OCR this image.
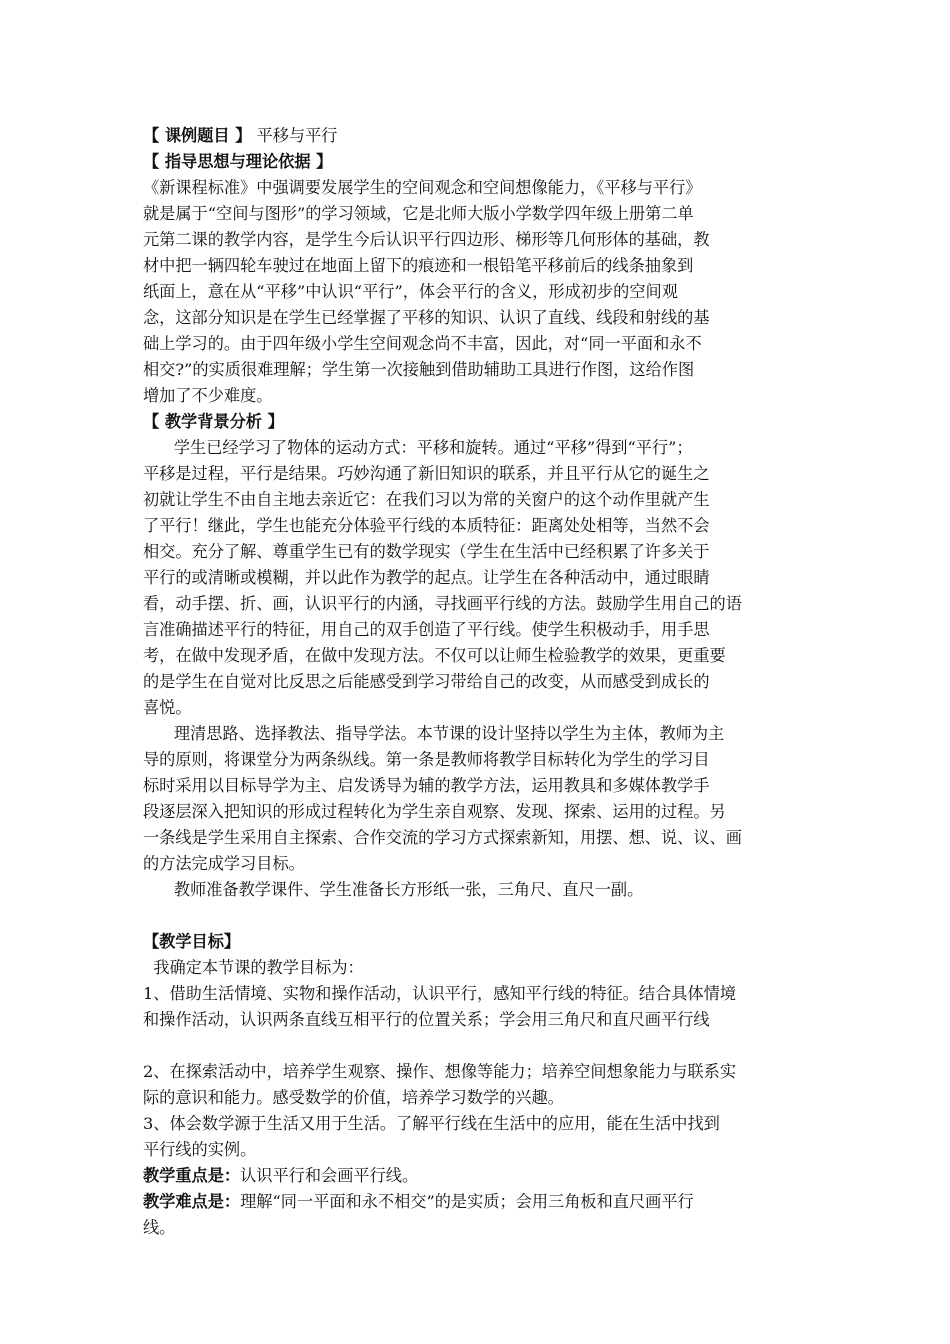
【 课例题目 】 平移与平行
【 指导思想与理论依据 】
《新课程标准》中强调要发展学生的空间观念和空间想像能力，《平移与平行》
就是属于“空间与图形”的学习领域，它是北师大版小学数学四年级上册第二单
元第二课的教学内容，是学生今后认识平行四边形、梯形等几何形体的基础，教
材中把一辆四轮车驶过在地面上留下的痕迹和一根铅笔平移前后的线条抽象到
纸面上，意在从“平移”中认识“平行”，体会平行的含义，形成初步的空间观
念，这部分知识是在学生已经掌握了平移的知识、认识了直线、线段和射线的基
础上学习的。由于四年级小学生空间观念尚不丰富，因此，对“同一平面和永不
相交?”的实质很难理解；学生第一次接触到借助辅助工具进行作图，这给作图
增加了不少难度。
【 教学背景分析 】
学生已经学习了物体的运动方式：平移和旋转。通过“平移”得到“平行”；
平移是过程，平行是结果。巧妙沟通了新旧知识的联系，并且平行从它的诞生之
初就让学生不由自主地去亲近它：在我们习以为常的关窗户的这个动作里就产生
了平行！继此，学生也能充分体验平行线的本质特征：距离处处相等，当然不会
相交。充分了解、尊重学生已有的数学现实（学生在生活中已经积累了许多关于
平行的或清晰或模糊，并以此作为教学的起点。让学生在各种活动中，通过眼睛
看，动手摆、折、画，认识平行的内涵，寻找画平行线的方法。鼓励学生用自己的语
言准确描述平行的特征，用自己的双手创造了平行线。使学生积极动手，用手思
考，在做中发现矛盾，在做中发现方法。不仅可以让师生检验教学的效果，更重要
的是学生在自觉对比反思之后能感受到学习带给自己的改变，从而感受到成长的
喜悦。
理清思路、选择教法、指导学法。本节课的设计坚持以学生为主体，教师为主
导的原则，将课堂分为两条纵线。第一条是教师将教学目标转化为学生的学习目
标时采用以目标导学为主、启发诱导为辅的教学方法，运用教具和多媒体教学手
段逐层深入把知识的形成过程转化为学生亲自观察、发现、探索、运用的过程。另
一条线是学生采用自主探索、合作交流的学习方式探索新知，用摆、想、说、议、画
的方法完成学习目标。
教师准备教学课件、学生准备长方形纸一张，三角尺、直尺一副。
【教学目标】
我确定本节课的教学目标为：
1、借助生活情境、实物和操作活动，认识平行，感知平行线的特征。结合具体情境
和操作活动，认识两条直线互相平行的位置关系；学会用三角尺和直尺画平行线
2、在探索活动中，培养学生观察、操作、想像等能力；培养空间想象能力与联系实
际的意识和能力。感受数学的价值，培养学习数学的兴趣。
3、体会数学源于生活又用于生活。了解平行线在生活中的应用，能在生活中找到
平行线的实例。
教学重点是：认识平行和会画平行线。
教学难点是：理解“同一平面和永不相交”的是实质；会用三角板和直尺画平行
线。
